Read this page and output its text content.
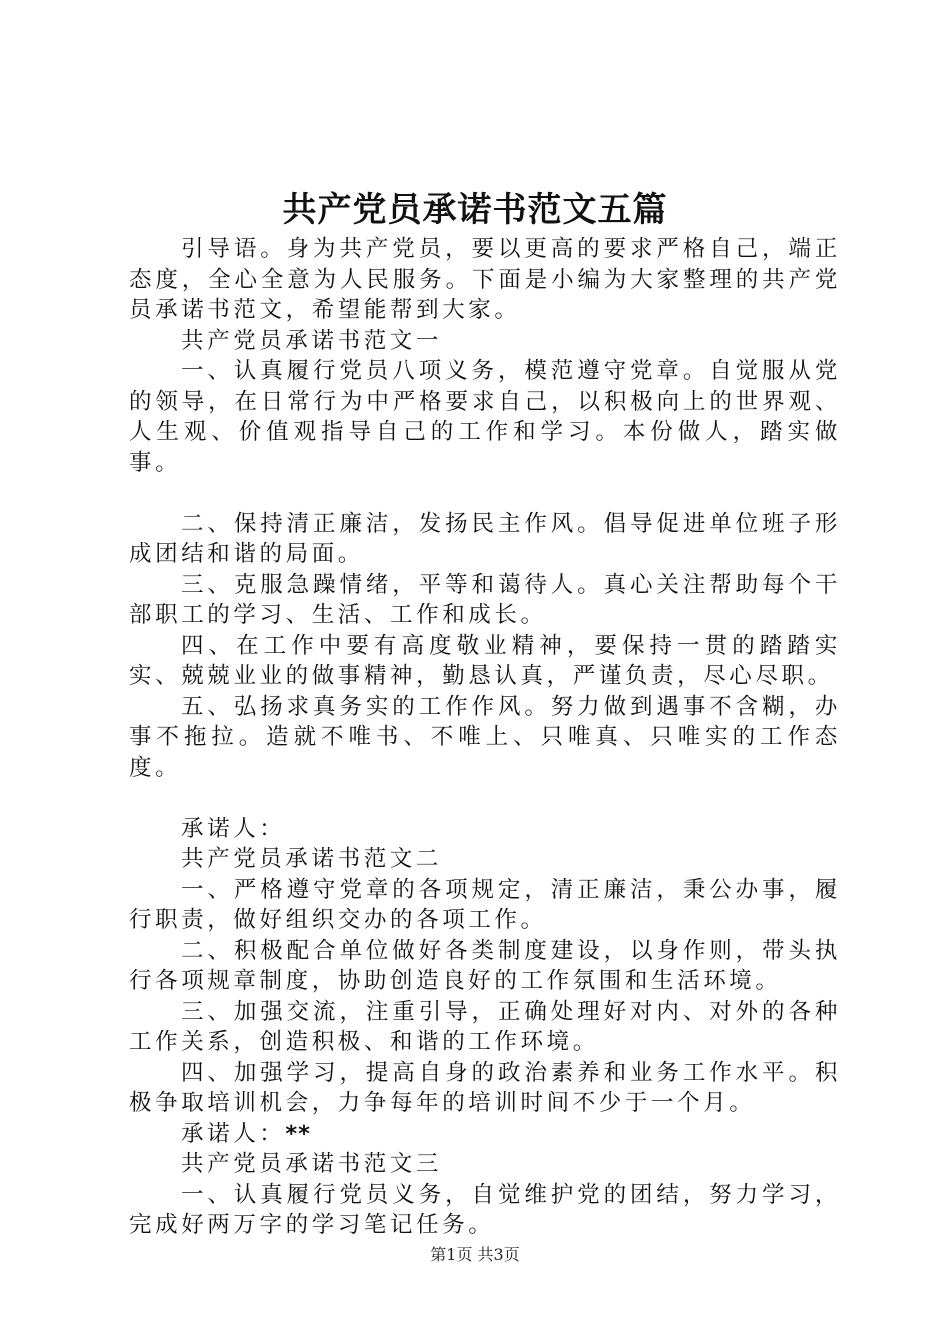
共产党员承诺书范文五篇

引导语。身为共产党员，要以更高的要求严格自己，端正态度，全心全意为人民服务。下面是小编为大家整理的共产党员承诺书范文，希望能帮到大家。

共产党员承诺书范文一

一、认真履行党员八项义务，模范遵守党章。自觉服从党的领导，在日常行为中严格要求自己，以积极向上的世界观、人生观、价值观指导自己的工作和学习。本份做人，踏实做事。

二、保持清正廉洁，发扬民主作风。倡导促进单位班子形成团结和谐的局面。

三、克服急躁情绪，平等和蔼待人。真心关注帮助每个干部职工的学习、生活、工作和成长。

四、在工作中要有高度敬业精神，要保持一贯的踏踏实实、兢兢业业的做事精神，勤恳认真，严谨负责，尽心尽职。

五、弘扬求真务实的工作作风。努力做到遇事不含糊，办事不拖拉。造就不唯书、不唯上、只唯真、只唯实的工作态度。

承诺人：

共产党员承诺书范文二

一、严格遵守党章的各项规定，清正廉洁，秉公办事，履行职责，做好组织交办的各项工作。

二、积极配合单位做好各类制度建设，以身作则，带头执行各项规章制度，协助创造良好的工作氛围和生活环境。

三、加强交流，注重引导，正确处理好对内、对外的各种工作关系，创造积极、和谐的工作环境。

四、加强学习，提高自身的政治素养和业务工作水平。积极争取培训机会，力争每年的培训时间不少于一个月。

承诺人：**

共产党员承诺书范文三

一、认真履行党员义务，自觉维护党的团结，努力学习，完成好两万字的学习笔记任务。

第1页 共3页
